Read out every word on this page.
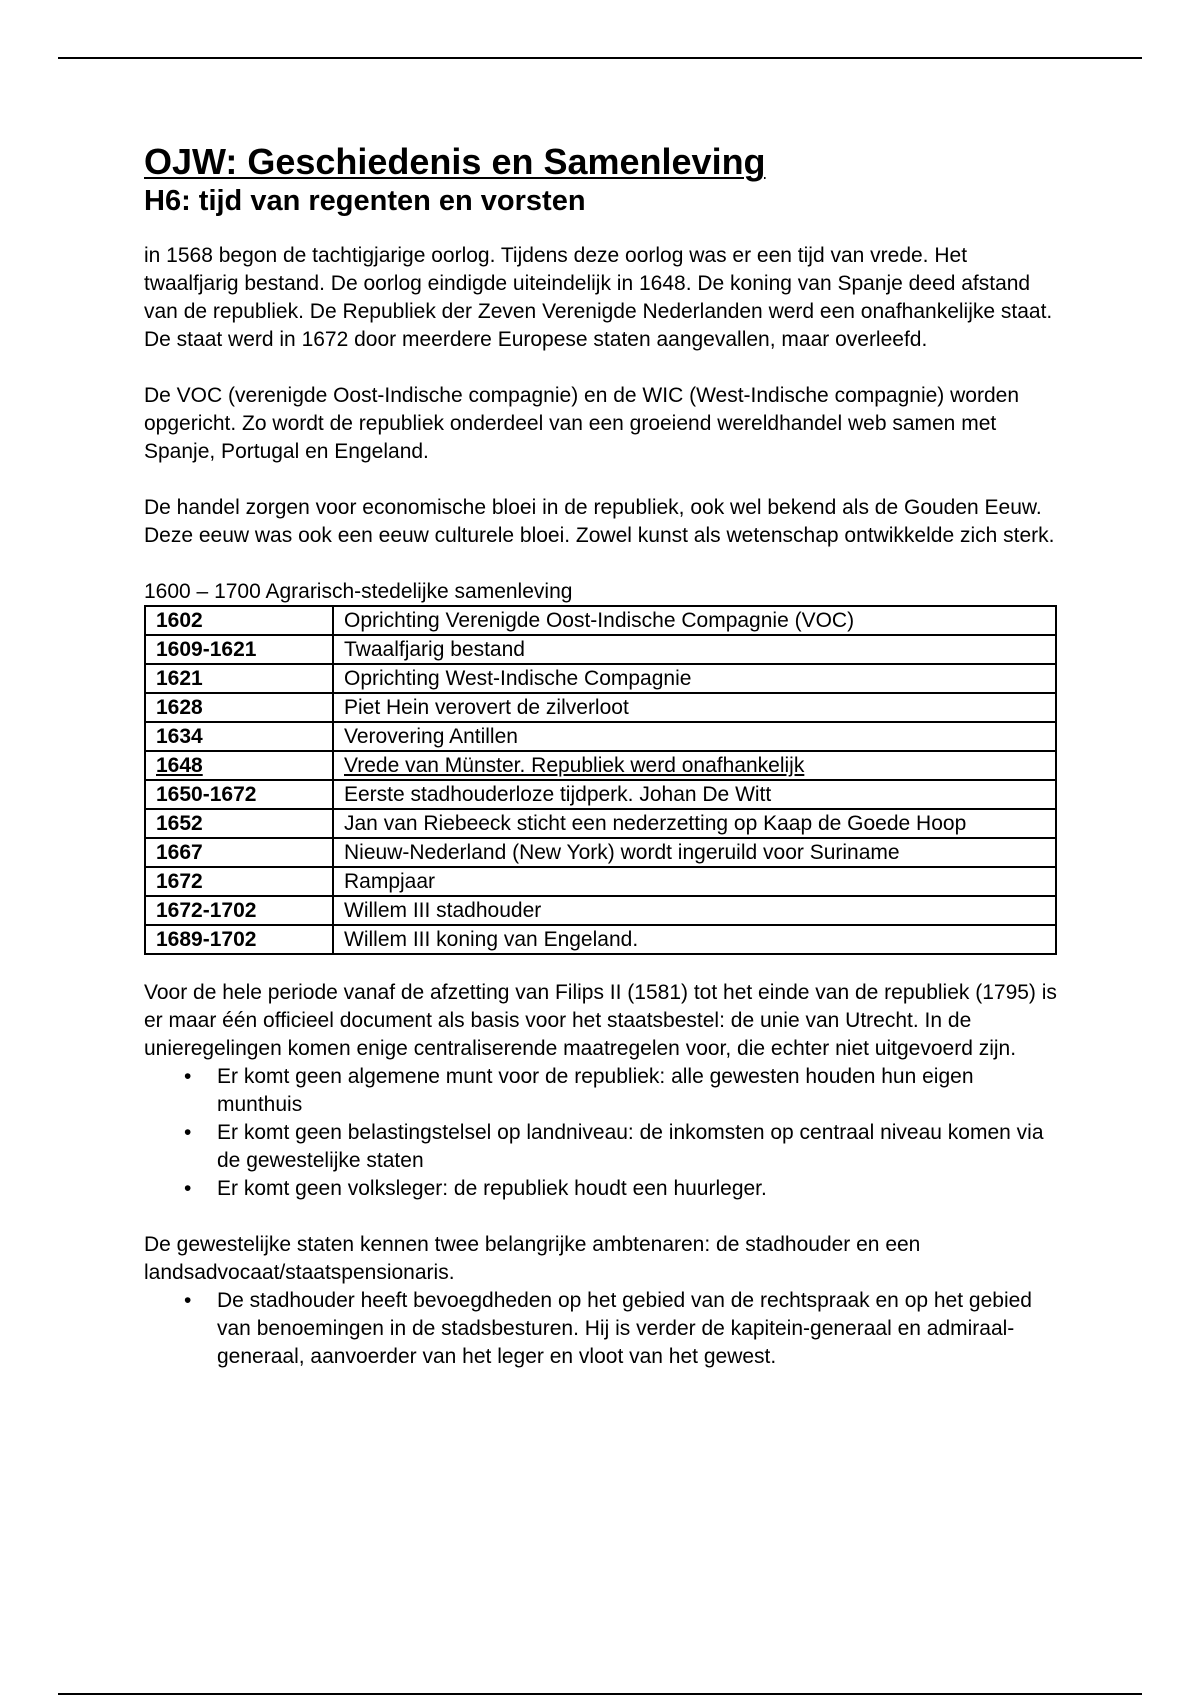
OJW: Geschiedenis en Samenleving
H6: tijd van regenten en vorsten

in 1568 begon de tachtigjarige oorlog. Tijdens deze oorlog was er een tijd van vrede. Het twaalfjarig bestand. De oorlog eindigde uiteindelijk in 1648. De koning van Spanje deed afstand van de republiek. De Republiek der Zeven Verenigde Nederlanden werd een onafhankelijke staat. De staat werd in 1672 door meerdere Europese staten aangevallen, maar overleefd.

De VOC (verenigde Oost-Indische compagnie) en de WIC (West-Indische compagnie) worden opgericht. Zo wordt de republiek onderdeel van een groeiend wereldhandel web samen met Spanje, Portugal en Engeland.

De handel zorgen voor economische bloei in de republiek, ook wel bekend als de Gouden Eeuw. Deze eeuw was ook een eeuw culturele bloei. Zowel kunst als wetenschap ontwikkelde zich sterk.

1600 – 1700 Agrarisch-stedelijke samenleving
1602	Oprichting Verenigde Oost-Indische Compagnie (VOC)
1609-1621	Twaalfjarig bestand
1621	Oprichting West-Indische Compagnie
1628	Piet Hein verovert de zilverloot
1634	Verovering Antillen
1648	Vrede van Münster. Republiek werd onafhankelijk
1650-1672	Eerste stadhouderloze tijdperk. Johan De Witt
1652	Jan van Riebeeck sticht een nederzetting op Kaap de Goede Hoop
1667	Nieuw-Nederland (New York) wordt ingeruild voor Suriname
1672	Rampjaar
1672-1702	Willem III stadhouder
1689-1702	Willem III koning van Engeland.

Voor de hele periode vanaf de afzetting van Filips II (1581) tot het einde van de republiek (1795) is er maar één officieel document als basis voor het staatsbestel: de unie van Utrecht. In de unieregelingen komen enige centraliserende maatregelen voor, die echter niet uitgevoerd zijn.

• Er komt geen algemene munt voor de republiek: alle gewesten houden hun eigen munthuis
• Er komt geen belastingstelsel op landniveau: de inkomsten op centraal niveau komen via de gewestelijke staten
• Er komt geen volksleger: de republiek houdt een huurleger.

De gewestelijke staten kennen twee belangrijke ambtenaren: de stadhouder en een landsadvocaat/staatspensionaris.

• De stadhouder heeft bevoegdheden op het gebied van de rechtspraak en op het gebied van benoemingen in de stadsbesturen. Hij is verder de kapitein-generaal en admiraal-generaal, aanvoerder van het leger en vloot van het gewest.
